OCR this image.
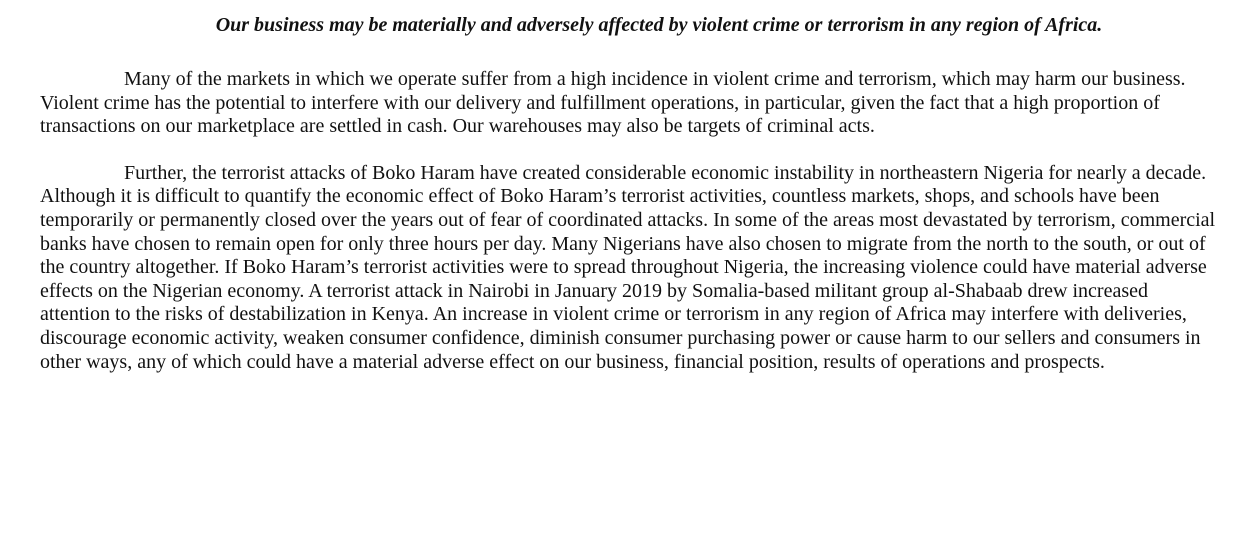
Our business may be materially and adversely affected by violent crime or terrorism in any region of Africa.

Many of the markets in which we operate suffer from a high incidence in violent crime and terrorism, which may harm our business. Violent crime has the potential to interfere with our delivery and fulfillment operations, in particular, given the fact that a high proportion of transactions on our marketplace are settled in cash. Our warehouses may also be targets of criminal acts.

Further, the terrorist attacks of Boko Haram have created considerable economic instability in northeastern Nigeria for nearly a decade. Although it is difficult to quantify the economic effect of Boko Haram’s terrorist activities, countless markets, shops, and schools have been temporarily or permanently closed over the years out of fear of coordinated attacks. In some of the areas most devastated by terrorism, commercial banks have chosen to remain open for only three hours per day. Many Nigerians have also chosen to migrate from the north to the south, or out of the country altogether. If Boko Haram’s terrorist activities were to spread throughout Nigeria, the increasing violence could have material adverse effects on the Nigerian economy. A terrorist attack in Nairobi in January 2019 by Somalia-based militant group al-Shabaab drew increased attention to the risks of destabilization in Kenya. An increase in violent crime or terrorism in any region of Africa may interfere with deliveries, discourage economic activity, weaken consumer confidence, diminish consumer purchasing power or cause harm to our sellers and consumers in other ways, any of which could have a material adverse effect on our business, financial position, results of operations and prospects.
